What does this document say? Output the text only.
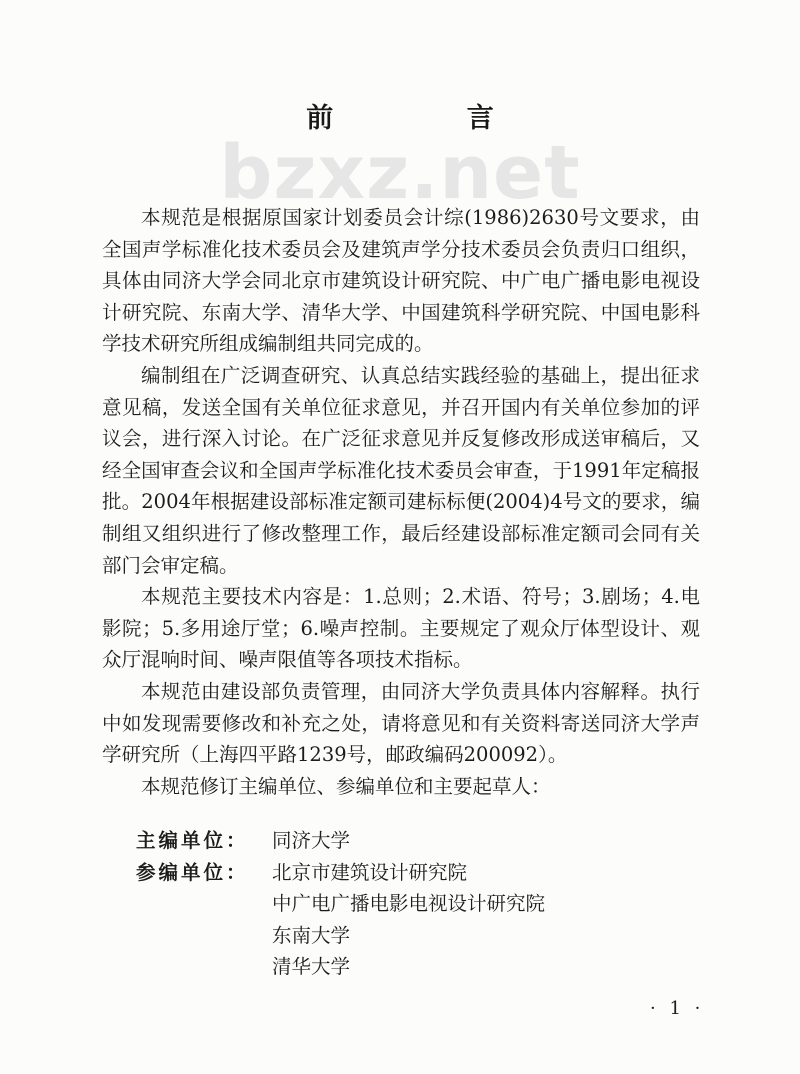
bzxz.net
前 言

本规范是根据原国家计划委员会计综(1986)2630号文要求，由全国声学标准化技术委员会及建筑声学分技术委员会负责归口组织，具体由同济大学会同北京市建筑设计研究院、中广电广播电影电视设计研究院、东南大学、清华大学、中国建筑科学研究院、中国电影科学技术研究所组成编制组共同完成的。

编制组在广泛调查研究、认真总结实践经验的基础上，提出征求意见稿，发送全国有关单位征求意见，并召开国内有关单位参加的评议会，进行深入讨论。在广泛征求意见并反复修改形成送审稿后，又经全国审查会议和全国声学标准化技术委员会审查，于1991年定稿报批。2004年根据建设部标准定额司建标标便(2004)4号文的要求，编制组又组织进行了修改整理工作，最后经建设部标准定额司会同有关部门会审定稿。

本规范主要技术内容是：1.总则；2.术语、符号；3.剧场；4.电影院；5.多用途厅堂；6.噪声控制。主要规定了观众厅体型设计、观众厅混响时间、噪声限值等各项技术指标。

本规范由建设部负责管理，由同济大学负责具体内容解释。执行中如发现需要修改和补充之处，请将意见和有关资料寄送同济大学声学研究所（上海四平路1239号，邮政编码200092）。

本规范修订主编单位、参编单位和主要起草人：

主编单位：	同济大学
参编单位：	北京市建筑设计研究院
中广电广播电影电视设计研究院
东南大学
清华大学
· 1 ·
